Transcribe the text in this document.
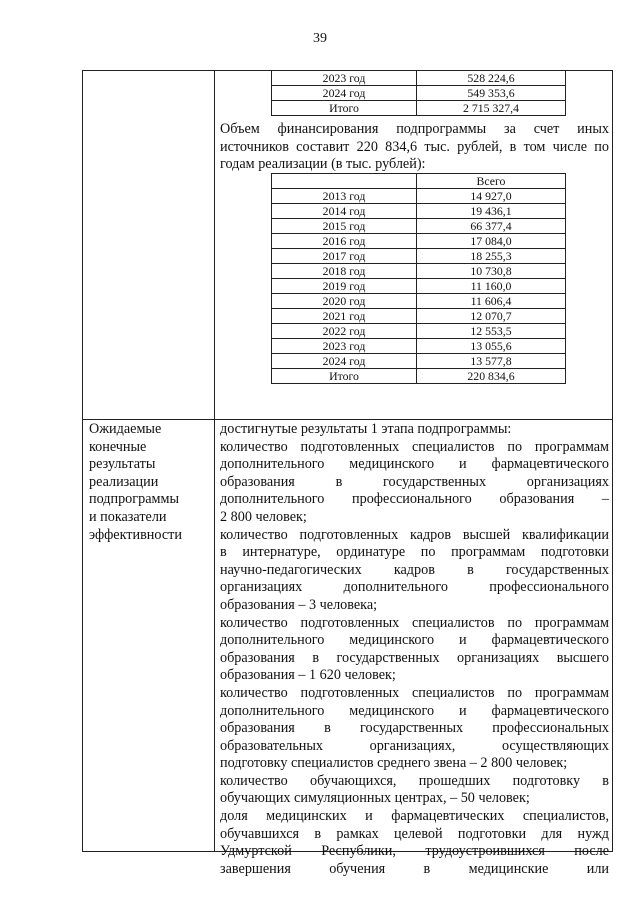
39
2023 год	528 224,6
2024 год	549 353,6
Итого	2 715 327,4

Объем финансирования подпрограммы за счет иных

источников составит 220 834,6 тыс. рублей, в том числе по

годам реализации (в тыс. рублей):

	Всего
2013 год	14 927,0
2014 год	19 436,1
2015 год	66 377,4
2016 год	17 084,0
2017 год	18 255,3
2018 год	10 730,8
2019 год	11 160,0
2020 год	11 606,4
2021 год	12 070,7
2022 год	12 553,5
2023 год	13 055,6
2024 год	13 577,8
Итого	220 834,6
Ожидаемые
конечные
результаты
реализации
подпрограммы
и показатели
эффективности

достигнутые результаты 1 этапа подпрограммы:

количество подготовленных специалистов по программам

дополнительного медицинского и фармацевтического

образования в государственных организациях

дополнительного профессионального образования –

2 800 человек;

количество подготовленных кадров высшей квалификации

в интернатуре, ординатуре по программам подготовки

научно-педагогических кадров в государственных

организациях дополнительного профессионального

образования – 3 человека;

количество подготовленных специалистов по программам

дополнительного медицинского и фармацевтического

образования в государственных организациях высшего

образования – 1 620 человек;

количество подготовленных специалистов по программам

дополнительного медицинского и фармацевтического

образования в государственных профессиональных

образовательных организациях, осуществляющих

подготовку специалистов среднего звена – 2 800 человек;

количество обучающихся, прошедших подготовку в

обучающих симуляционных центрах, – 50 человек;

доля медицинских и фармацевтических специалистов,

обучавшихся в рамках целевой подготовки для нужд

Удмуртской Республики, трудоустроившихся после

завершения обучения в медицинские или
